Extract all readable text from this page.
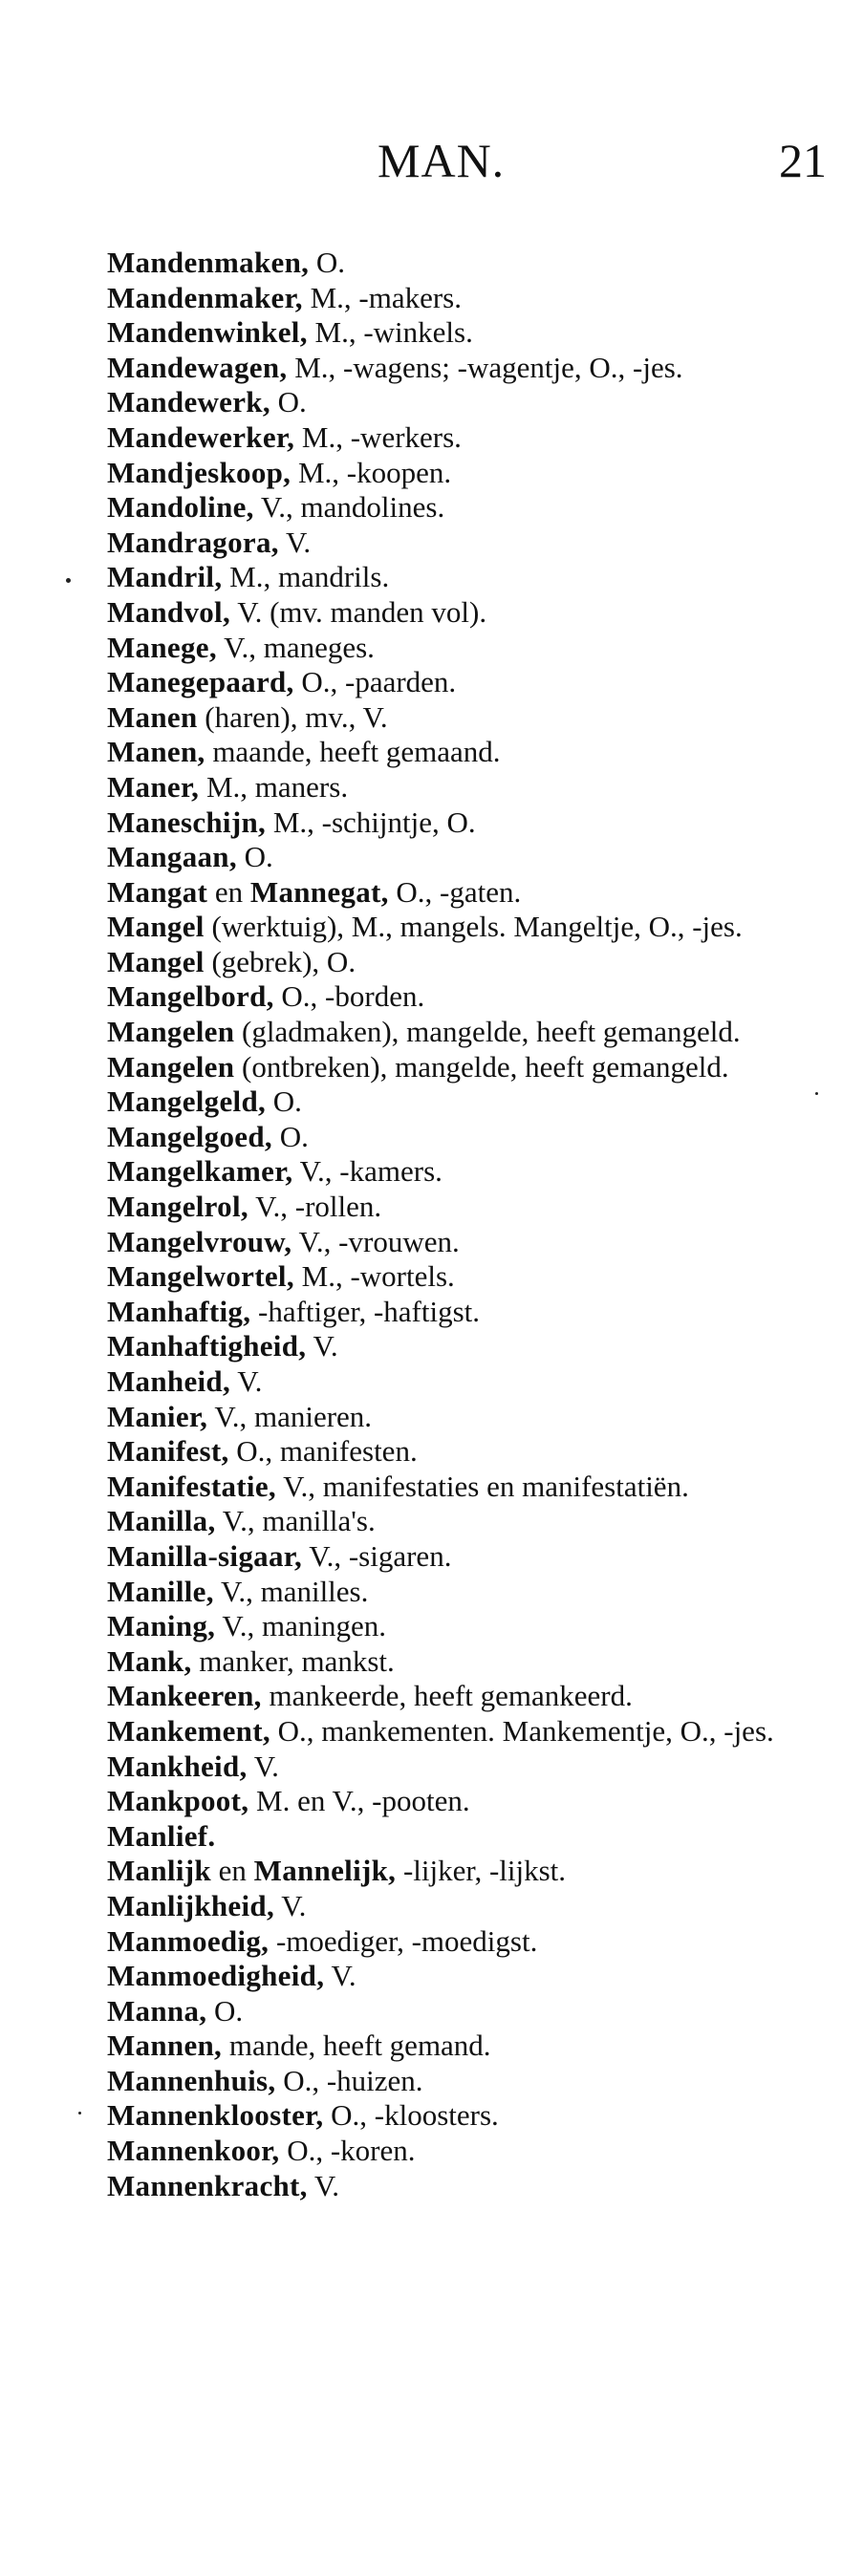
MAN.	21
Mandenmaken, O.
Mandenmaker, M., -makers.
Mandenwinkel, M., -winkels.
Mandewagen, M., -wagens; -wagentje, O., -jes.
Mandewerk, O.
Mandewerker, M., -werkers.
Mandjeskoop, M., -koopen.
Mandoline, V., mandolines.
Mandragora, V.
Mandril, M., mandrils.
Mandvol, V. (mv. manden vol).
Manege, V., maneges.
Manegepaard, O., -paarden.
Manen (haren), mv., V.
Manen, maande, heeft gemaand.
Maner, M., maners.
Maneschijn, M., -schijntje, O.
Mangaan, O.
Mangat en Mannegat, O., -gaten.
Mangel (werktuig), M., mangels. Mangeltje, O., -jes.
Mangel (gebrek), O.
Mangelbord, O., -borden.
Mangelen (gladmaken), mangelde, heeft gemangeld.
Mangelen (ontbreken), mangelde, heeft gemangeld.
Mangelgeld, O.
Mangelgoed, O.
Mangelkamer, V., -kamers.
Mangelrol, V., -rollen.
Mangelvrouw, V., -vrouwen.
Mangelwortel, M., -wortels.
Manhaftig, -haftiger, -haftigst.
Manhaftigheid, V.
Manheid, V.
Manier, V., manieren.
Manifest, O., manifesten.
Manifestatie, V., manifestaties en manifestatiën.
Manilla, V., manilla's.
Manilla-sigaar, V., -sigaren.
Manille, V., manilles.
Maning, V., maningen.
Mank, manker, mankst.
Mankeeren, mankeerde, heeft gemankeerd.
Mankement, O., mankementen. Mankementje, O., -jes.
Mankheid, V.
Mankpoot, M. en V., -pooten.
Manlief.
Manlijk en Mannelijk, -lijker, -lijkst.
Manlijkheid, V.
Manmoedig, -moediger, -moedigst.
Manmoedigheid, V.
Manna, O.
Mannen, mande, heeft gemand.
Mannenhuis, O., -huizen.
Mannenklooster, O., -kloosters.
Mannenkoor, O., -koren.
Mannenkracht, V.
